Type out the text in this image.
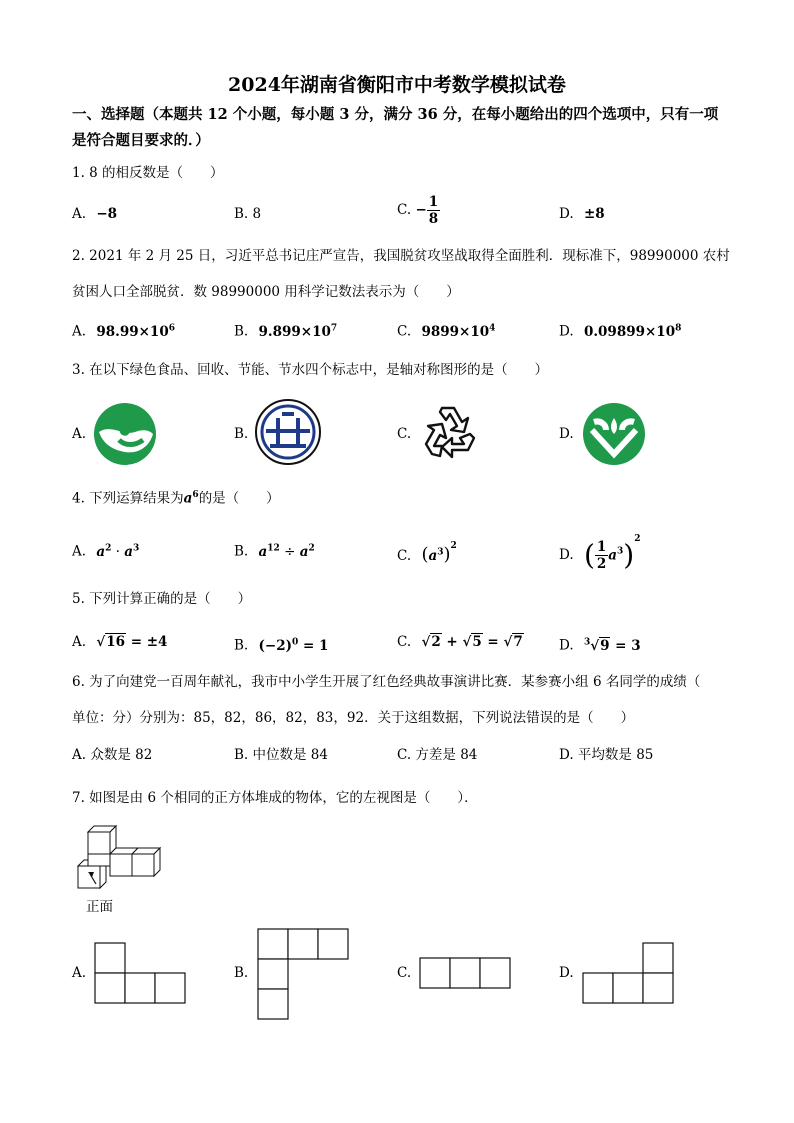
2024年湖南省衡阳市中考数学模拟试卷
一、选择题（本题共 12 个小题，每小题 3 分，满分 36 分，在每小题给出的四个选项中，只有一项是符合题目要求的．）
1. 8 的相反数是（　　）
A. −8	B. 8	C. − $\frac{1}{8}$	D. ±8
2. 2021 年 2 月 25 日，习近平总书记庄严宣告，我国脱贫攻坚战取得全面胜利．现标准下，98990000 农村
贫困人口全部脱贫．数 98990000 用科学记数法表示为（　　）
A. $98.99\times 10^6$	B. $9.899\times 10^7$	C. $9899\times 10^4$	D. $0.09899\times 10^8$
3. 在以下绿色食品、回收、节能、节水四个标志中，是轴对称图形的是（　　）
A.	B.	C.	D.
4. 下列运算结果为$a^6$的是（　　）
A. $a^2 \cdot a^3$	B. $a^{12} \div a^2$	C. $(a^3)^2$
D. ( $\frac{1}{2} a^3)^2$
5. 下列计算正确的是（　　）
A. √16 = ±4	B. $(-2)^0 = 1$	C. √2 + √5 = √7	D. $^3$√9 = 3
6. 为了向建党一百周年献礼，我市中小学生开展了红色经典故事演讲比赛．某参赛小组 6 名同学的成绩（
单位：分）分别为：85，82，86，82，83，92．关于这组数据，下列说法错误的是（　　）
A. 众数是 82	B. 中位数是 84	C. 方差是 84	D. 平均数是 85
7. 如图是由 6 个相同的正方体堆成的物体，它的左视图是（　　）．
正面
A.	B.	C.	D.
